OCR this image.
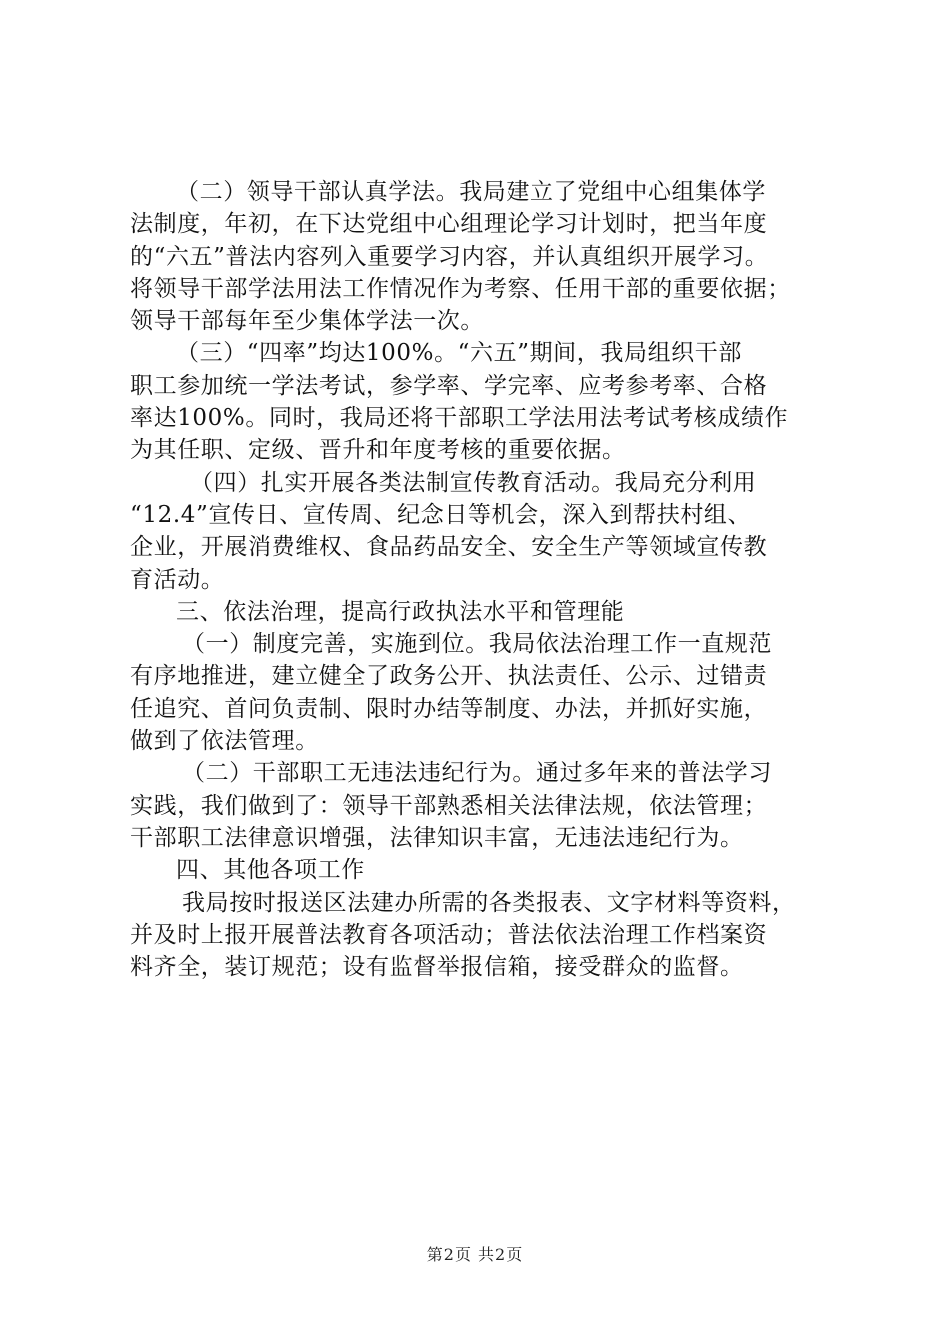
（二）领导干部认真学法。我局建立了党组中心组集体学
法制度，年初，在下达党组中心组理论学习计划时，把当年度
的“六五”普法内容列入重要学习内容，并认真组织开展学习。
将领导干部学法用法工作情况作为考察、任用干部的重要依据；
领导干部每年至少集体学法一次。
（三）“四率”均达100%。“六五”期间，我局组织干部
职工参加统一学法考试，参学率、学完率、应考参考率、合格
率达100%。同时，我局还将干部职工学法用法考试考核成绩作
为其任职、定级、晋升和年度考核的重要依据。
（四）扎实开展各类法制宣传教育活动。我局充分利用
“12.4”宣传日、宣传周、纪念日等机会，深入到帮扶村组、
企业，开展消费维权、食品药品安全、安全生产等领域宣传教
育活动。
三、依法治理，提高行政执法水平和管理能
（一）制度完善，实施到位。我局依法治理工作一直规范
有序地推进，建立健全了政务公开、执法责任、公示、过错责
任追究、首问负责制、限时办结等制度、办法，并抓好实施，
做到了依法管理。
（二）干部职工无违法违纪行为。通过多年来的普法学习
实践，我们做到了：领导干部熟悉相关法律法规，依法管理；
干部职工法律意识增强，法律知识丰富，无违法违纪行为。
四、其他各项工作
我局按时报送区法建办所需的各类报表、文字材料等资料，
并及时上报开展普法教育各项活动；普法依法治理工作档案资
料齐全，装订规范；设有监督举报信箱，接受群众的监督。
第2页 共2页
